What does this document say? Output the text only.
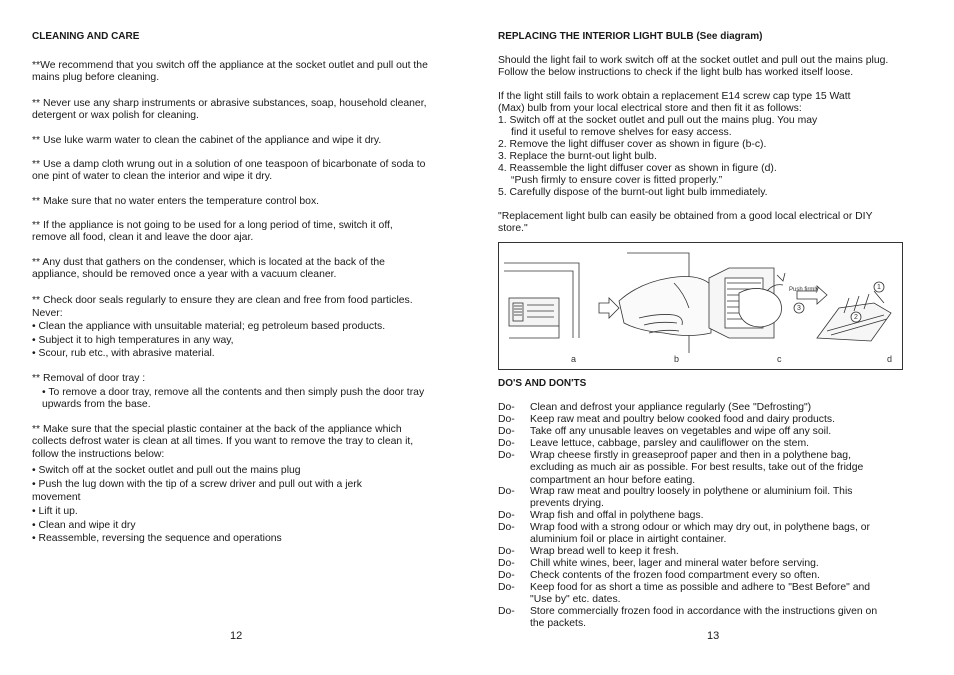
CLEANING AND CARE
**We recommend that you switch off the appliance at the socket outlet and pull out the mains plug before cleaning.
** Never use any sharp instruments or abrasive substances, soap, household cleaner, detergent or wax polish for cleaning.
** Use luke warm water to clean the cabinet of the appliance and wipe it dry.
** Use a damp cloth wrung out in a solution of one teaspoon of bicarbonate of soda to one pint of water to clean the interior and wipe it dry.
** Make sure that no water enters the temperature control box.
** If the appliance is not going to be used for a long period of time, switch it off, remove all food, clean it and leave the door ajar.
** Any dust that gathers on the condenser, which is located at the back of the appliance, should be removed once a year with a vacuum cleaner.
** Check door seals regularly to ensure they are clean and free from food particles.
Never:
• Clean the appliance with unsuitable material; eg petroleum based products.
• Subject it to high temperatures in any way,
• Scour, rub etc., with abrasive material.
** Removal of door tray :
• To remove a door tray, remove all the contents and then simply push the door tray upwards from the base.
** Make sure that the special plastic container at the back of the appliance which collects defrost water is clean at all times. If you want to remove the tray to clean it, follow the instructions below:
• Switch off at the socket outlet and pull out the mains plug
• Push the lug down with the tip of a screw driver and pull out with a jerk
movement
• Lift it up.
• Clean and wipe it dry
• Reassemble, reversing the sequence and operations
12
REPLACING THE INTERIOR LIGHT BULB (See diagram)
Should the light fail to work switch off at the socket outlet and pull out the mains plug. Follow the below instructions to check if the light bulb has worked itself loose.
If the light still fails to work obtain a replacement E14 screw cap type 15 Watt
(Max) bulb from your local electrical store and then fit it as follows:
1. Switch off at the socket outlet and pull out the mains plug. You may
find it useful to remove shelves for easy access.
2. Remove the light diffuser cover as shown in figure (b-c).
3. Replace the burnt-out light bulb.
4. Reassemble the light diffuser cover as shown in figure (d).
“Push firmly to ensure cover is fitted properly.”
5. Carefully dispose of the burnt-out light bulb immediately.
"Replacement light bulb can easily be obtained from a good local electrical or DIY store."
DO'S AND DON'TS
Do- Clean and defrost your appliance regularly (See "Defrosting")
Do- Keep raw meat and poultry below cooked food and dairy products.
Do- Take off any unusable leaves on vegetables and wipe off any soil.
Do- Leave lettuce, cabbage, parsley and cauliflower on the stem.
Do- Wrap cheese firstly in greaseproof paper and then in a polythene bag, excluding as much air as possible. For best results, take out of the fridge compartment an hour before eating.
Do- Wrap raw meat and poultry loosely in polythene or aluminium foil. This prevents drying.
Do- Wrap fish and offal in polythene bags.
Do- Wrap food with a strong odour or which may dry out, in polythene bags, or aluminium foil or place in airtight container.
Do- Wrap bread well to keep it fresh.
Do- Chill white wines, beer, lager and mineral water before serving.
Do- Check contents of the frozen food compartment every so often.
Do- Keep food for as short a time as possible and adhere to "Best Before" and "Use by" etc. dates.
Do- Store commercially frozen food in accordance with the instructions given on the packets.
13
a	b	c	d
Push firmly	1
2
3
